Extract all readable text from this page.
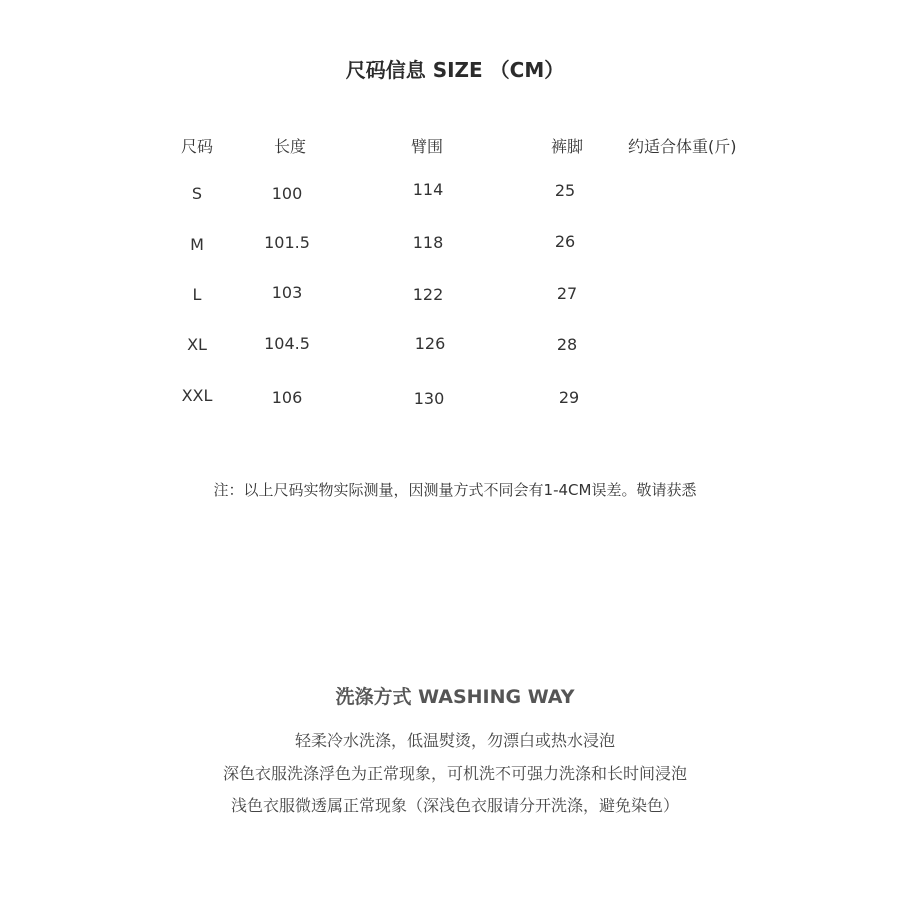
尺码信息 SIZE （CM）
尺码	长度	臂围	裤脚	约适合体重(斤)
S	100	114	25
M	101.5	118	26
L	103	122	27
XL	104.5	126	28
XXL	106	130	29
注：以上尺码实物实际测量，因测量方式不同会有1-4CM误差。敬请获悉
洗涤方式 WASHING WAY
轻柔冷水洗涤，低温熨烫，勿漂白或热水浸泡
深色衣服洗涤浮色为正常现象，可机洗不可强力洗涤和长时间浸泡
浅色衣服微透属正常现象（深浅色衣服请分开洗涤，避免染色）
